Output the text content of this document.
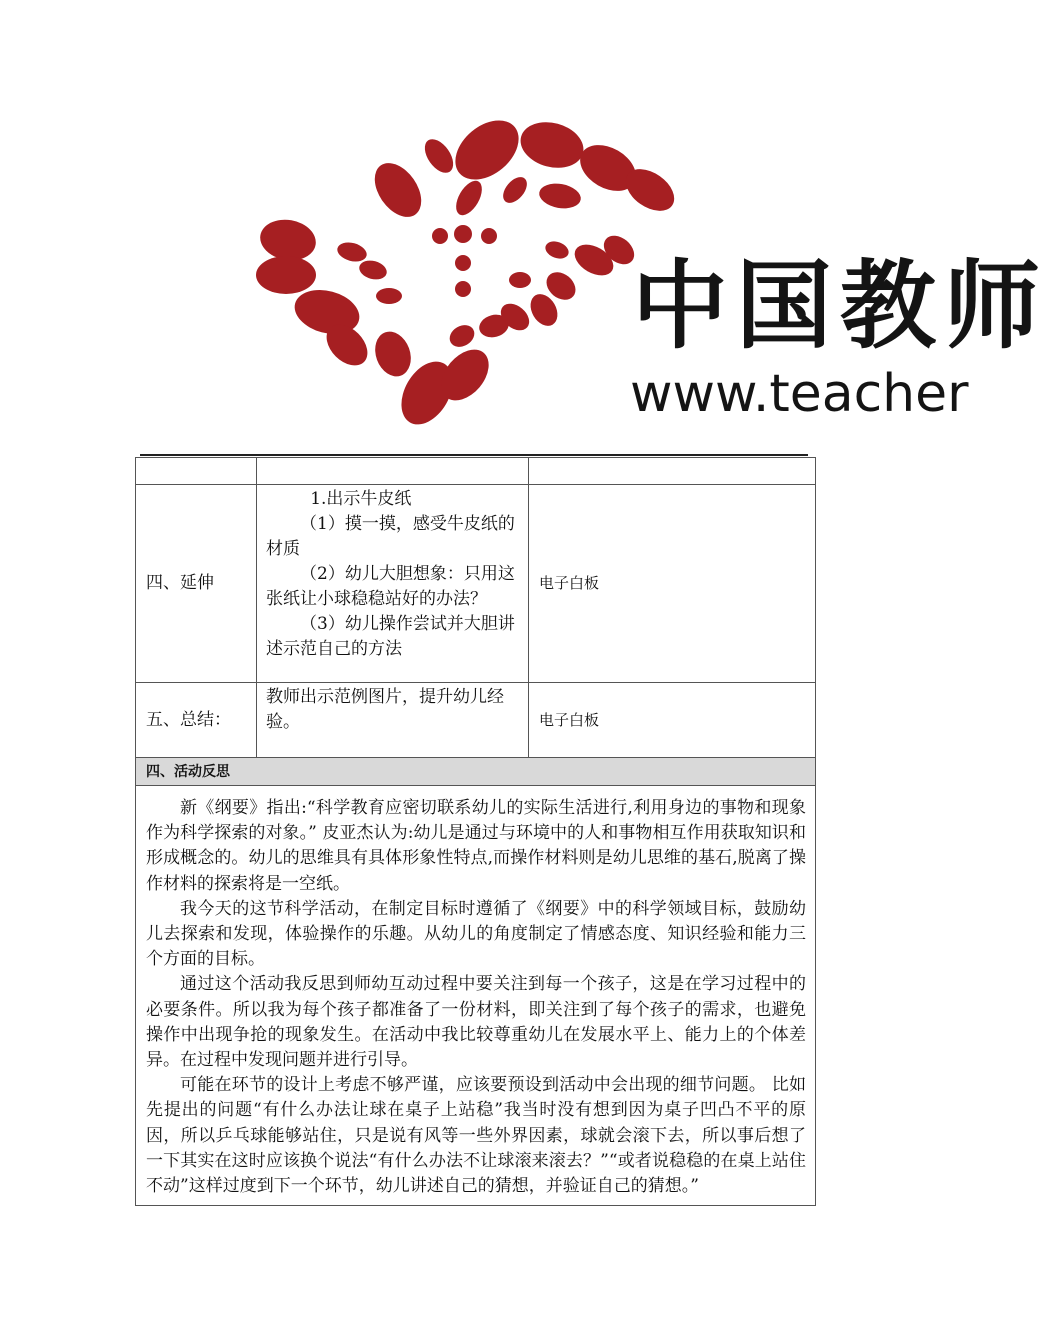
中国教师
www.teacher

四、延伸	1.出示牛皮纸

（1）摸一摸，感受牛皮纸的材质

（2）幼儿大胆想象：只用这张纸让小球稳稳站好的办法？

（3）幼儿操作尝试并大胆讲述示范自己的方法	电子白板
五、总结：	教师出示范例图片，提升幼儿经验。	电子白板
四、活动反思		

新《纲要》指出:“科学教育应密切联系幼儿的实际生活进行,利用身边的事物和现象作为科学探索的对象。” 皮亚杰认为:幼儿是通过与环境中的人和事物相互作用获取知识和形成概念的。幼儿的思维具有具体形象性特点,而操作材料则是幼儿思维的基石,脱离了操作材料的探索将是一空纸。

我今天的这节科学活动，在制定目标时遵循了《纲要》中的科学领域目标，鼓励幼儿去探索和发现，体验操作的乐趣。从幼儿的角度制定了情感态度、知识经验和能力三个方面的目标。

通过这个活动我反思到师幼互动过程中要关注到每一个孩子，这是在学习过程中的必要条件。所以我为每个孩子都准备了一份材料，即关注到了每个孩子的需求，也避免操作中出现争抢的现象发生。在活动中我比较尊重幼儿在发展水平上、能力上的个体差异。在过程中发现问题并进行引导。

可能在环节的设计上考虑不够严谨，应该要预设到活动中会出现的细节问题。 比如先提出的问题“有什么办法让球在桌子上站稳”我当时没有想到因为桌子凹凸不平的原因，所以乒乓球能够站住，只是说有风等一些外界因素，球就会滚下去，所以事后想了一下其实在这时应该换个说法“有什么办法不让球滚来滚去？”“或者说稳稳的在桌上站住不动”这样过度到下一个环节，幼儿讲述自己的猜想，并验证自己的猜想。”		
